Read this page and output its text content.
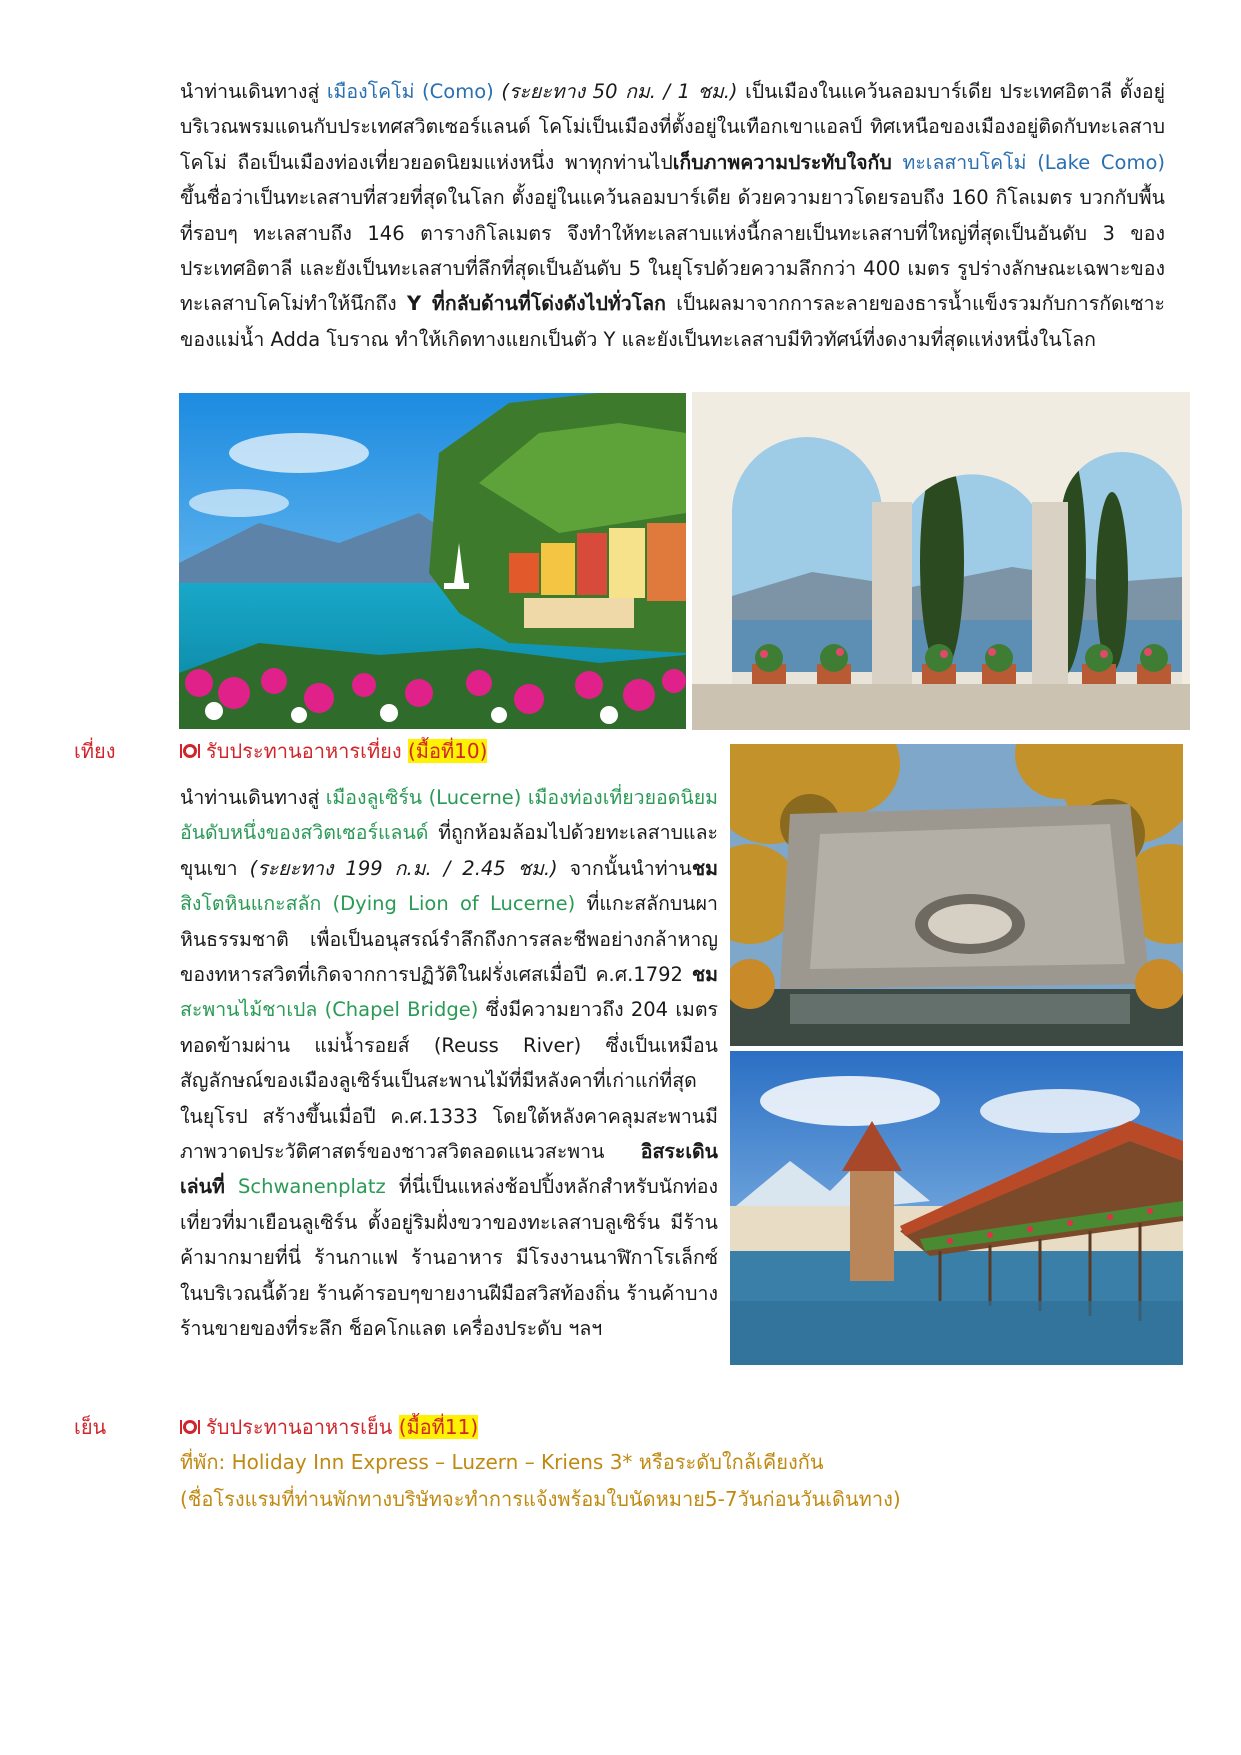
นำท่านเดินทางสู่ เมืองโคโม่ (Como) (ระยะทาง 50 กม. / 1 ชม.) เป็นเมืองในแคว้นลอมบาร์เดีย ประเทศอิตาลี ตั้งอยู่บริเวณพรมแดนกับประเทศสวิตเซอร์แลนด์ โคโม่เป็นเมืองที่ตั้งอยู่ในเทือกเขาแอลป์ ทิศเหนือของเมืองอยู่ติดกับทะเลสาบโคโม่ ถือเป็นเมืองท่องเที่ยวยอดนิยมแห่งหนึ่ง พาทุกท่านไปเก็บภาพความประทับใจกับ ทะเลสาบโคโม่ (Lake Como) ขึ้นชื่อว่าเป็นทะเลสาบที่สวยที่สุดในโลก ตั้งอยู่ในแคว้นลอมบาร์เดีย ด้วยความยาวโดยรอบถึง 160 กิโลเมตร บวกกับพื้นที่รอบๆ ทะเลสาบถึง 146 ตารางกิโลเมตร จึงทำให้ทะเลสาบแห่งนี้กลายเป็นทะเลสาบที่ใหญ่ที่สุดเป็นอันดับ 3 ของประเทศอิตาลี และยังเป็นทะเลสาบที่ลึกที่สุดเป็นอันดับ 5 ในยุโรปด้วยความลึกกว่า 400 เมตร รูปร่างลักษณะเฉพาะของทะเลสาบโคโม่ทำให้นึกถึง Y ที่กลับด้านที่โด่งดังไปทั่วโลก เป็นผลมาจากการละลายของธารน้ำแข็งรวมกับการกัดเซาะของแม่น้ำ Adda โบราณ ทำให้เกิดทางแยกเป็นตัว Y และยังเป็นทะเลสาบมีทิวทัศน์ที่งดงามที่สุดแห่งหนึ่งในโลก

เที่ยง	รับประทานอาหารเที่ยง (มื้อที่10)

นำท่านเดินทางสู่ เมืองลูเซิร์น (Lucerne) เมืองท่องเที่ยวยอดนิยมอันดับหนึ่งของสวิตเซอร์แลนด์ ที่ถูกห้อมล้อมไปด้วยทะเลสาบและขุนเขา (ระยะทาง 199 ก.ม. / 2.45 ชม.) จากนั้นนำท่านชม สิงโตหินแกะสลัก (Dying Lion of Lucerne) ที่แกะสลักบนผาหินธรรมชาติ เพื่อเป็นอนุสรณ์รำลึกถึงการสละชีพอย่างกล้าหาญของทหารสวิตที่เกิดจากการปฏิวัติในฝรั่งเศสเมื่อปี ค.ศ.1792 ชม สะพานไม้ชาเปล (Chapel Bridge) ซึ่งมีความยาวถึง 204 เมตร ทอดข้ามผ่าน แม่น้ำรอยส์ (Reuss River) ซึ่งเป็นเหมือนสัญลักษณ์ของเมืองลูเซิร์นเป็นสะพานไม้ที่มีหลังคาที่เก่าแก่ที่สุดในยุโรป สร้างขึ้นเมื่อปี ค.ศ.1333 โดยใต้หลังคาคลุมสะพานมีภาพวาดประวัติศาสตร์ของชาวสวิตลอดแนวสะพาน อิสระเดินเล่นที่ Schwanenplatz ที่นี่เป็นแหล่งช้อปปิ้งหลักสำหรับนักท่องเที่ยวที่มาเยือนลูเซิร์น ตั้งอยู่ริมฝั่งขวาของทะเลสาบลูเซิร์น มีร้านค้ามากมายที่นี่ ร้านกาแฟ ร้านอาหาร มีโรงงานนาฬิกาโรเล็กซ์ในบริเวณนี้ด้วย ร้านค้ารอบๆขายงานฝีมือสวิสท้องถิ่น ร้านค้าบางร้านขายของที่ระลึก ช็อคโกแลต เครื่องประดับ ฯลฯ

เย็น	รับประทานอาหารเย็น (มื้อที่11)
ที่พัก: Holiday Inn Express – Luzern – Kriens 3* หรือระดับใกล้เคียงกัน
(ชื่อโรงแรมที่ท่านพักทางบริษัทจะทำการแจ้งพร้อมใบนัดหมาย5-7วันก่อนวันเดินทาง)
